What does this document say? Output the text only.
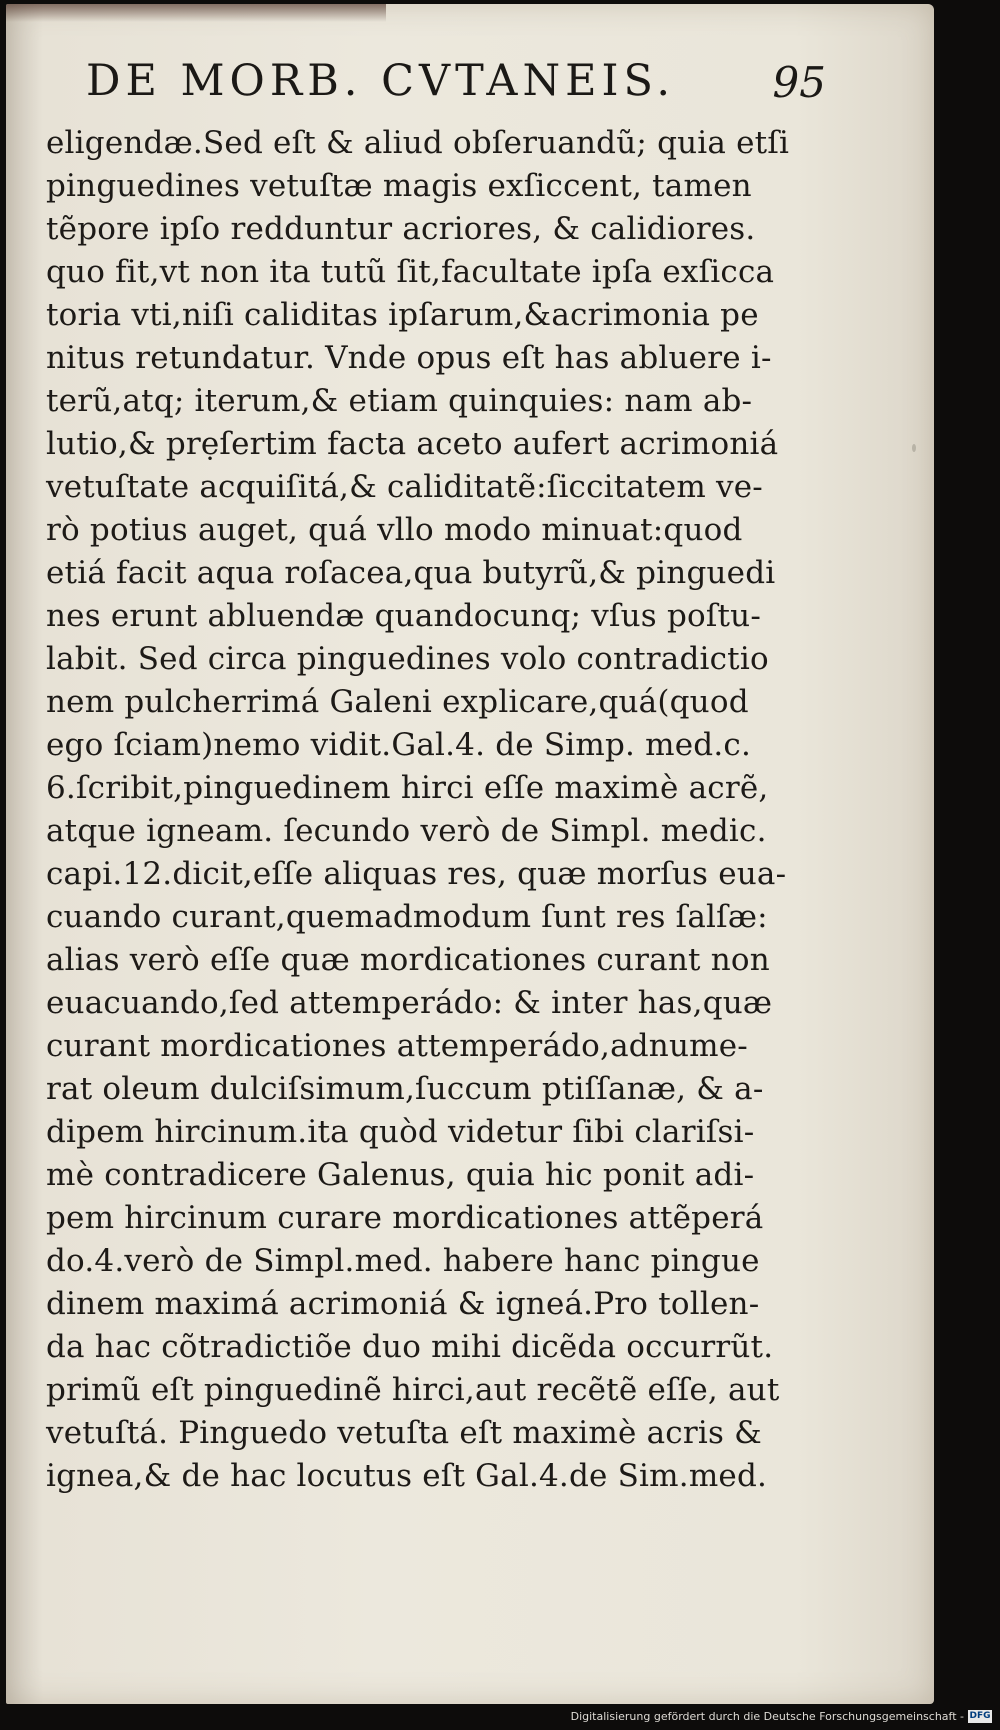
DE MORB. CVTANEIS. 95
eligendæ.Sed eſt & aliud obſeruandũ; quia etſi
pinguedines vetuſtæ magis exſiccent, tamen
tẽpore ipſo redduntur acriores, & calidiores.
quo fit,vt non ita tutũ ſit,facultate ipſa exſicca
toria vti,niſi caliditas ipſarum,&acrimonia pe
nitus retundatur. Vnde opus eſt has abluere i-
terũ,atq; iterum,& etiam quinquies: nam ab-
lutio,& prẹſertim facta aceto aufert acrimoniá
vetuſtate acquiſitá,& caliditatẽ:ſiccitatem ve-
rò potius auget, quá vllo modo minuat:quod
etiá facit aqua roſacea,qua butyrũ,& pinguedi
nes erunt abluendæ quandocunq; vſus poſtu-
labit. Sed circa pinguedines volo contradictio
nem pulcherrimá Galeni explicare,quá(quod
ego ſciam)nemo vidit.Gal.4. de Simp. med.c.
6.ſcribit,pinguedinem hirci eſſe maximè acrẽ,
atque igneam. ſecundo verò de Simpl. medic.
capi.12.dicit,eſſe aliquas res, quæ morſus eua-
cuando curant,quemadmodum ſunt res ſalſæ:
alias verò eſſe quæ mordicationes curant non
euacuando,ſed attemperádo: & inter has,quæ
curant mordicationes attemperádo,adnume-
rat oleum dulciſsimum,ſuccum ptiſſanæ, & a-
dipem hircinum.ita quòd videtur ſibi clariſsi-
mè contradicere Galenus, quia hic ponit adi-
pem hircinum curare mordicationes attẽperá
do.4.verò de Simpl.med. habere hanc pingue
dinem maximá acrimoniá & igneá.Pro tollen-
da hac cõtradictiõe duo mihi dicẽda occurrũt.
primũ eſt pinguedinẽ hirci,aut recẽtẽ eſſe, aut
vetuſtá. Pinguedo vetuſta eſt maximè acris &
ignea,& de hac locutus eſt Gal.4.de Sim.med.
Digitalisierung gefördert durch die Deutsche Forschungsgemeinschaft - DFG
